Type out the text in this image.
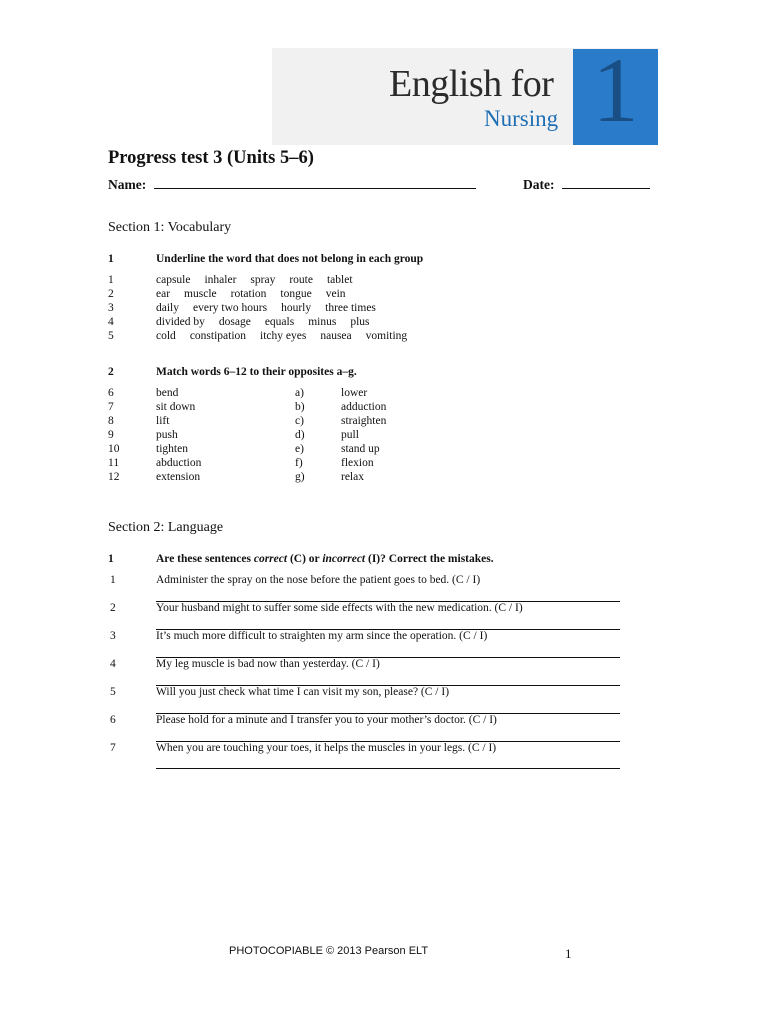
English for
Nursing 1
Progress test 3 (Units 5–6)
Name:	Date:
Section 1: Vocabulary
1	Underline the word that does not belong in each group
1	capsule inhaler spray route tablet
2	ear muscle rotation tongue vein
3	daily every two hours hourly three times
4	divided by dosage equals minus plus
5	cold constipation itchy eyes nausea vomiting
2	Match words 6–12 to their opposites a–g.
6	bend	a)	lower
7	sit down	b)	adduction
8	lift	c)	straighten
9	push	d)	pull
10	tighten	e)	stand up
11	abduction	f)	flexion
12	extension	g)	relax
Section 2: Language
1	Are these sentences correct (C) or incorrect (I)? Correct the mistakes.
1	Administer the spray on the nose before the patient goes to bed. (C / I)
2	Your husband might to suffer some side effects with the new medication. (C / I)
3	It’s much more difficult to straighten my arm since the operation. (C / I)
4	My leg muscle is bad now than yesterday. (C / I)
5	Will you just check what time I can visit my son, please? (C / I)
6	Please hold for a minute and I transfer you to your mother’s doctor. (C / I)
7	When you are touching your toes, it helps the muscles in your legs. (C / I)
PHOTOCOPIABLE © 2013 Pearson ELT	1
